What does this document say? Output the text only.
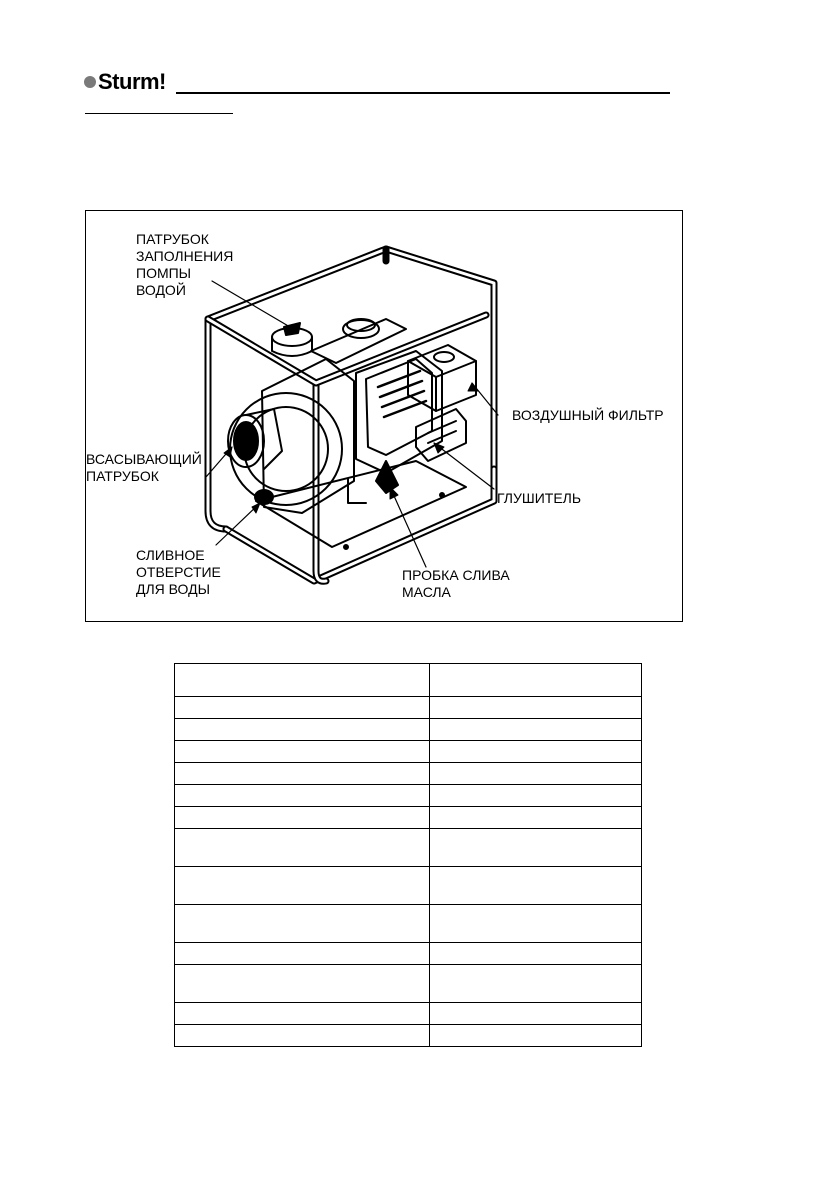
Sturm!
ПАТРУБОК
ЗАПОЛНЕНИЯ
ПОМПЫ
ВОДОЙ
ВОЗДУШНЫЙ ФИЛЬТР
ВСАСЫВАЮЩИЙ
ПАТРУБОК
ГЛУШИТЕЛЬ
СЛИВНОЕ
ОТВЕРСТИЕ
ДЛЯ ВОДЫ
ПРОБКА СЛИВА
МАСЛА
